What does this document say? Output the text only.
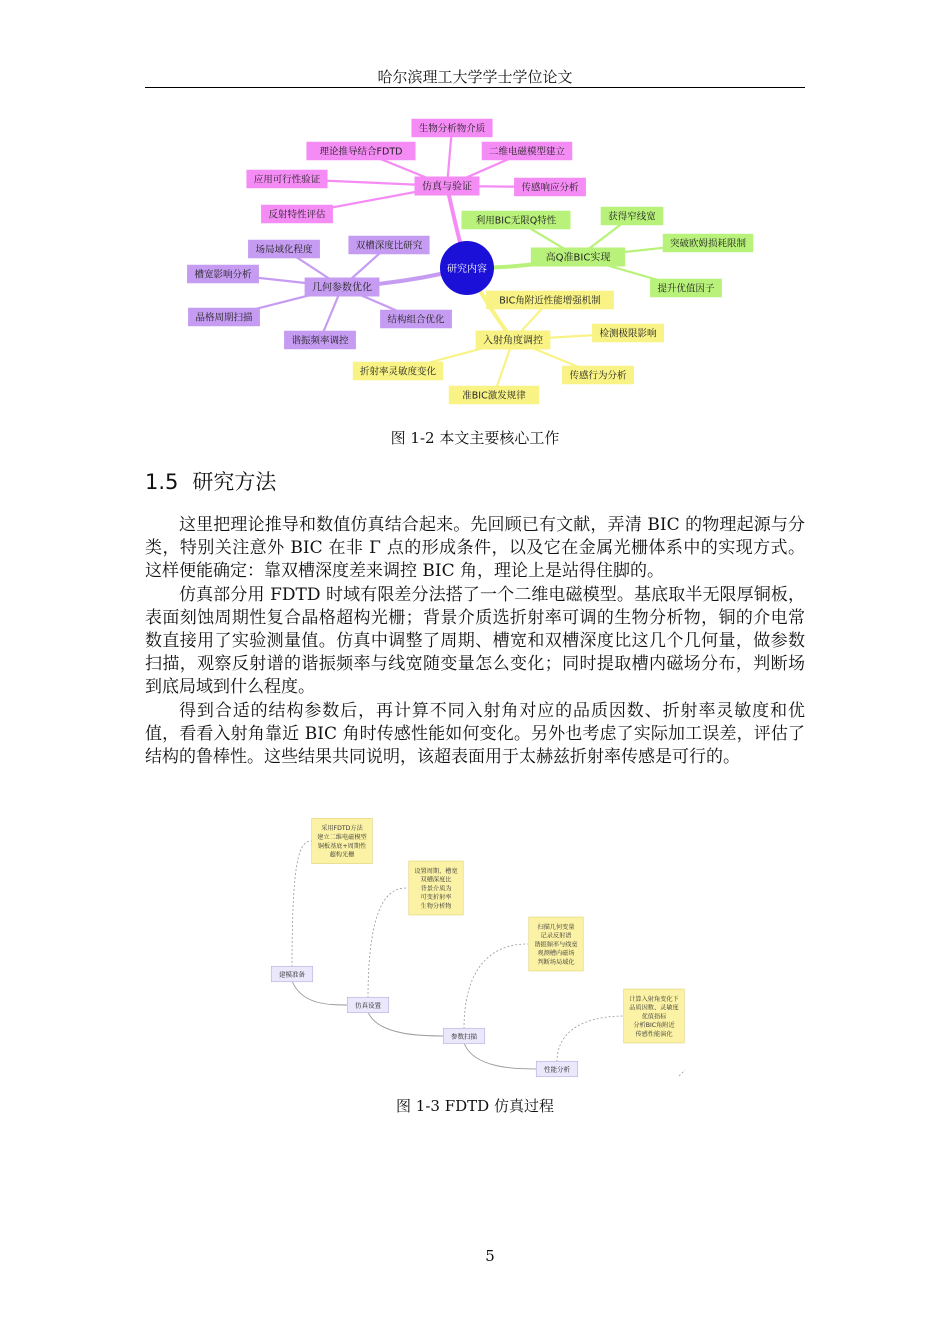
哈尔滨理工大学学士学位论文
仿真与验证
生物分析物介质
理论推导结合FDTD	二维电磁模型建立
应用可行性验证
传感响应分析
反射特性评估
几何参数优化
双槽深度比研究
场局域化程度
槽宽影响分析
晶格周期扫描
谐振频率调控
结构组合优化
高Q准BIC实现
获得窄线宽
利用BIC无限Q特性
突破欧姆损耗限制
提升优值因子
入射角度调控
BIC角附近性能增强机制
检测极限影响
折射率灵敏度变化	传感行为分析
准BIC激发规律
研究内容
图 1-2 本文主要核心工作
1.5 研究方法

这里把理论推导和数值仿真结合起来。先回顾已有文献，弄清 BIC 的物理起源与分类，特别关注意外 BIC 在非 Γ 点的形成条件，以及它在金属光栅体系中的实现方式。这样便能确定：靠双槽深度差来调控 BIC 角，理论上是站得住脚的。

仿真部分用 FDTD 时域有限差分法搭了一个二维电磁模型。基底取半无限厚铜板，表面刻蚀周期性复合晶格超构光栅；背景介质选折射率可调的生物分析物，铜的介电常数直接用了实验测量值。仿真中调整了周期、槽宽和双槽深度比这几个几何量，做参数扫描，观察反射谱的谐振频率与线宽随变量怎么变化；同时提取槽内磁场分布，判断场到底局域到什么程度。

得到合适的结构参数后，再计算不同入射角对应的品质因数、折射率灵敏度和优值，看看入射角靠近 BIC 角时传感性能如何变化。另外也考虑了实际加工误差，评估了结构的鲁棒性。这些结果共同说明，该超表面用于太赫兹折射率传感是可行的。

建模准备
仿真设置
参数扫描
性能分析
采用FDTD方法
建立二维电磁模型
铜板基底+周期性
超构光栅
设置周期、槽宽
双槽深度比
背景介质为
可变折射率
生物分析物
扫描几何变量
记录反射谱
谐振频率与线宽
观测槽内磁场
判断场局域化
计算入射角变化下
品质因数、灵敏度
优值指标
分析BIC角附近
传感性能演化
图 1-3 FDTD 仿真过程
5
